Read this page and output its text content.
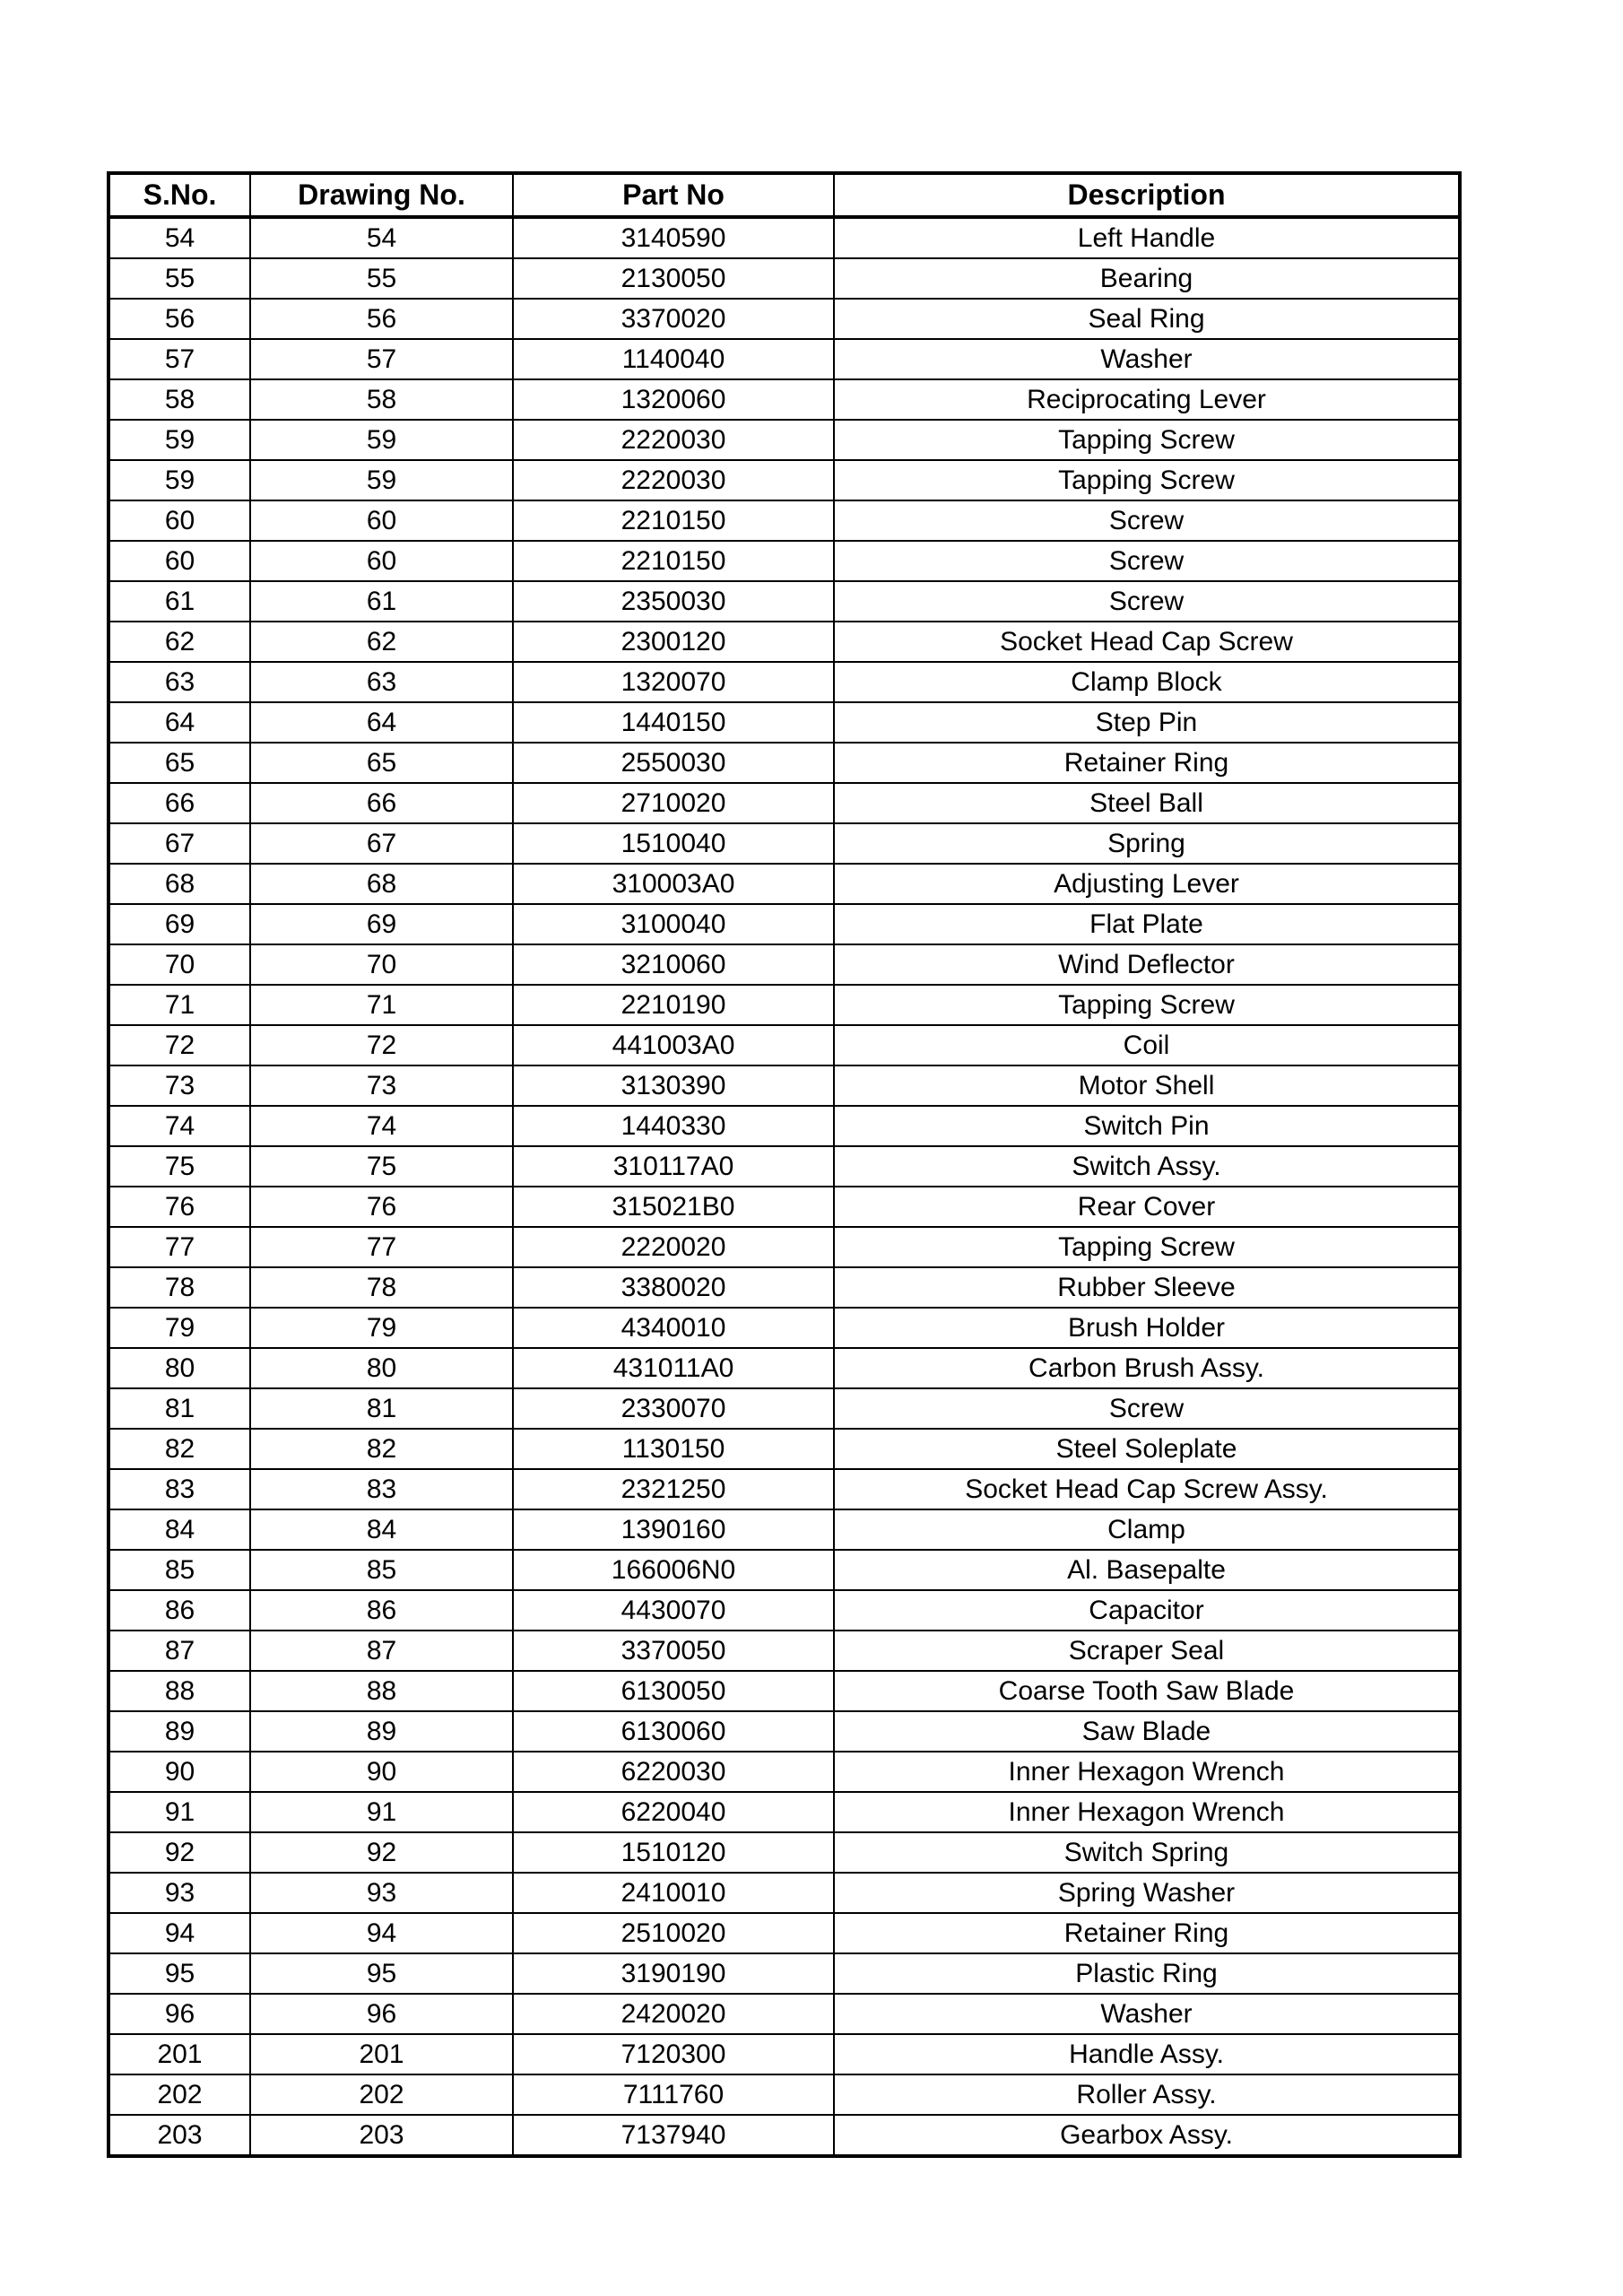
S.No.	Drawing No.	Part No	Description
54	54	3140590	Left Handle
55	55	2130050	Bearing
56	56	3370020	Seal Ring
57	57	1140040	Washer
58	58	1320060	Reciprocating Lever
59	59	2220030	Tapping Screw
59	59	2220030	Tapping Screw
60	60	2210150	Screw
60	60	2210150	Screw
61	61	2350030	Screw
62	62	2300120	Socket Head Cap Screw
63	63	1320070	Clamp Block
64	64	1440150	Step Pin
65	65	2550030	Retainer Ring
66	66	2710020	Steel Ball
67	67	1510040	Spring
68	68	310003A0	Adjusting Lever
69	69	3100040	Flat Plate
70	70	3210060	Wind Deflector
71	71	2210190	Tapping Screw
72	72	441003A0	Coil
73	73	3130390	Motor Shell
74	74	1440330	Switch Pin
75	75	310117A0	Switch Assy.
76	76	315021B0	Rear Cover
77	77	2220020	Tapping Screw
78	78	3380020	Rubber Sleeve
79	79	4340010	Brush Holder
80	80	431011A0	Carbon Brush Assy.
81	81	2330070	Screw
82	82	1130150	Steel Soleplate
83	83	2321250	Socket Head Cap Screw Assy.
84	84	1390160	Clamp
85	85	166006N0	Al. Basepalte
86	86	4430070	Capacitor
87	87	3370050	Scraper Seal
88	88	6130050	Coarse Tooth Saw Blade
89	89	6130060	Saw Blade
90	90	6220030	Inner Hexagon Wrench
91	91	6220040	Inner Hexagon Wrench
92	92	1510120	Switch Spring
93	93	2410010	Spring Washer
94	94	2510020	Retainer Ring
95	95	3190190	Plastic Ring
96	96	2420020	Washer
201	201	7120300	Handle Assy.
202	202	7111760	Roller Assy.
203	203	7137940	Gearbox Assy.
